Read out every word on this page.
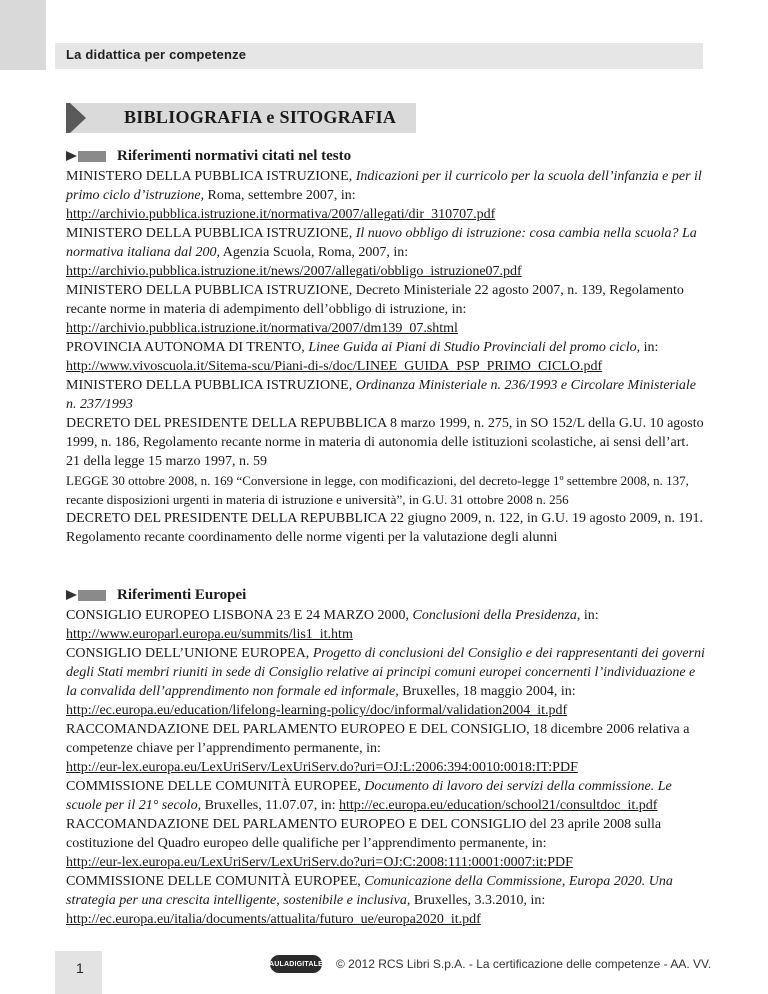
La didattica per competenze
BIBLIOGRAFIA e SITOGRAFIA
Riferimenti normativi citati nel testo

MINISTERO DELLA PUBBLICA ISTRUZIONE, Indicazioni per il curricolo per la scuola dell’infanzia e per il primo ciclo d’istruzione, Roma, settembre 2007, in:
http://archivio.pubblica.istruzione.it/normativa/2007/allegati/dir_310707.pdf

MINISTERO DELLA PUBBLICA ISTRUZIONE, Il nuovo obbligo di istruzione: cosa cambia nella scuola? La normativa italiana dal 200, Agenzia Scuola, Roma, 2007, in:
http://archivio.pubblica.istruzione.it/news/2007/allegati/obbligo_istruzione07.pdf

MINISTERO DELLA PUBBLICA ISTRUZIONE, Decreto Ministeriale 22 agosto 2007, n. 139, Regolamento recante norme in materia di adempimento dell’obbligo di istruzione, in:
http://archivio.pubblica.istruzione.it/normativa/2007/dm139_07.shtml

PROVINCIA AUTONOMA DI TRENTO, Linee Guida ai Piani di Studio Provinciali del promo ciclo, in:
http://www.vivoscuola.it/Sitema-scu/Piani-di-s/doc/LINEE_GUIDA_PSP_PRIMO_CICLO.pdf

MINISTERO DELLA PUBBLICA ISTRUZIONE, Ordinanza Ministeriale n. 236/1993 e Circolare Ministeriale n. 237/1993

DECRETO DEL PRESIDENTE DELLA REPUBBLICA 8 marzo 1999, n. 275, in SO 152/L della G.U. 10 agosto 1999, n. 186, Regolamento recante norme in materia di autonomia delle istituzioni scolastiche, ai sensi dell’art. 21 della legge 15 marzo 1997, n. 59

LEGGE 30 ottobre 2008, n. 169 “Conversione in legge, con modificazioni, del decreto-legge 1º settembre 2008, n. 137, recante disposizioni urgenti in materia di istruzione e università”, in G.U. 31 ottobre 2008 n. 256

DECRETO DEL PRESIDENTE DELLA REPUBBLICA 22 giugno 2009, n. 122, in G.U. 19 agosto 2009, n. 191. Regolamento recante coordinamento delle norme vigenti per la valutazione degli alunni

Riferimenti Europei

CONSIGLIO EUROPEO LISBONA 23 E 24 MARZO 2000, Conclusioni della Presidenza, in:
http://www.europarl.europa.eu/summits/lis1_it.htm

CONSIGLIO DELL’UNIONE EUROPEA, Progetto di conclusioni del Consiglio e dei rappresentanti dei governi degli Stati membri riuniti in sede di Consiglio relative ai principi comuni europei concernenti l’individuazione e la convalida dell’apprendimento non formale ed informale, Bruxelles, 18 maggio 2004, in:
http://ec.europa.eu/education/lifelong-learning-policy/doc/informal/validation2004_it.pdf

RACCOMANDAZIONE DEL PARLAMENTO EUROPEO E DEL CONSIGLIO, 18 dicembre 2006 relativa a competenze chiave per l’apprendimento permanente, in:
http://eur-lex.europa.eu/LexUriServ/LexUriServ.do?uri=OJ:L:2006:394:0010:0018:IT:PDF

COMMISSIONE DELLE COMUNITÀ EUROPEE, Documento di lavoro dei servizi della commissione. Le scuole per il 21° secolo, Bruxelles, 11.07.07, in: http://ec.europa.eu/education/school21/consultdoc_it.pdf

RACCOMANDAZIONE DEL PARLAMENTO EUROPEO E DEL CONSIGLIO del 23 aprile 2008 sulla costituzione del Quadro europeo delle qualifiche per l’apprendimento permanente, in:
http://eur-lex.europa.eu/LexUriServ/LexUriServ.do?uri=OJ:C:2008:111:0001:0007:it:PDF

COMMISSIONE DELLE COMUNITÀ EUROPEE, Comunicazione della Commissione, Europa 2020. Una strategia per una crescita intelligente, sostenibile e inclusiva, Bruxelles, 3.3.2010, in:
http://ec.europa.eu/italia/documents/attualita/futuro_ue/europa2020_it.pdf

1	AULADIGITALE © 2012 RCS Libri S.p.A. - La certificazione delle competenze - AA. VV.
